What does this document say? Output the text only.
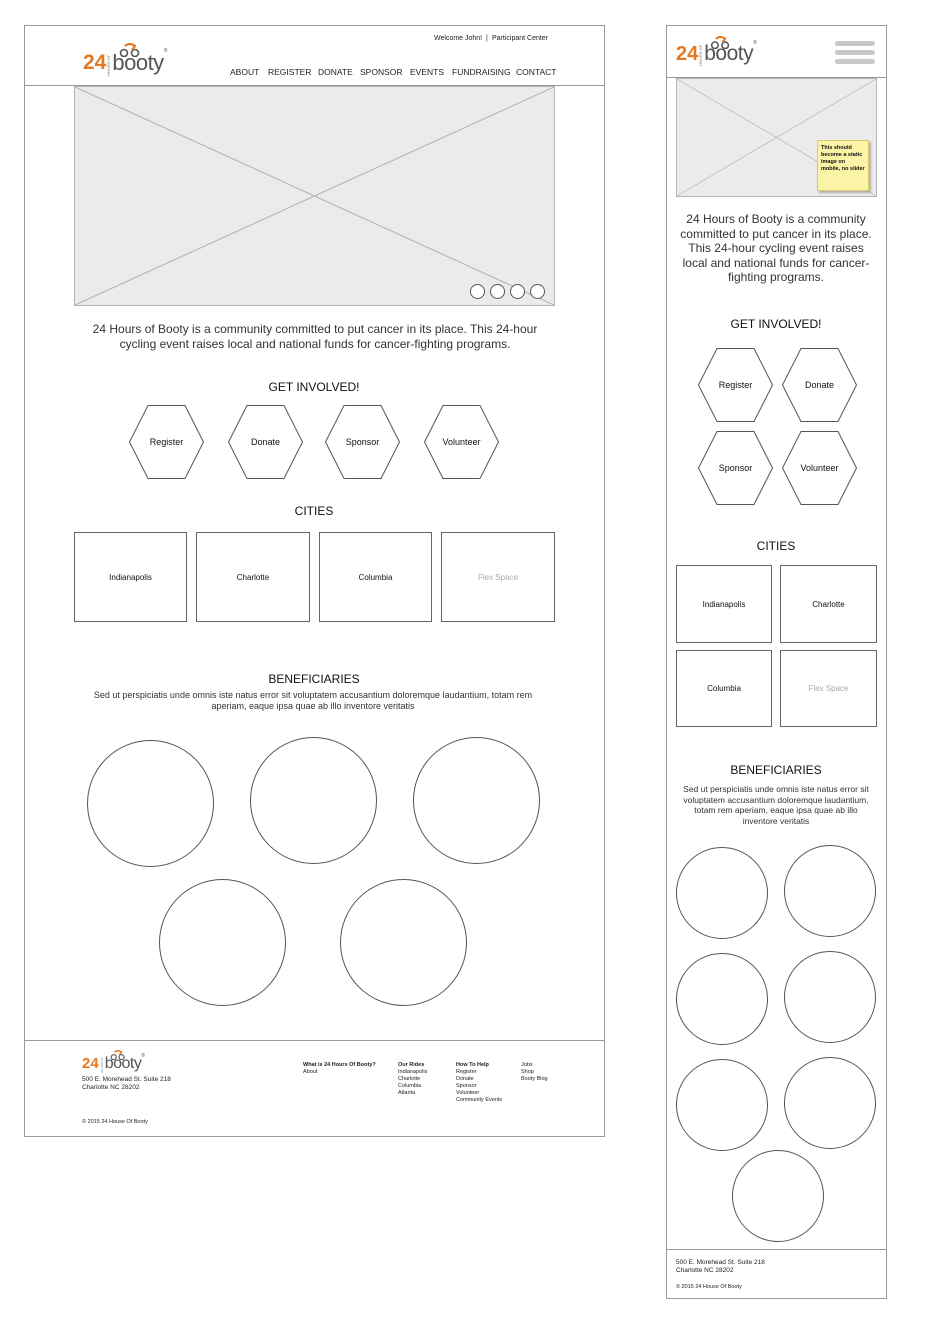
Welcome John! | Participant Center
24 HOURS OF booty ®
ABOUT REGISTER DONATE SPONSOR EVENTS FUNDRAISING CONTACT
24 Hours of Booty is a community committed to put cancer in its place. This 24-hour cycling event raises local and national funds for cancer-fighting programs.
GET INVOLVED!
Register	Donate	Sponsor	Volunteer
CITIES
Indianapolis	Charlotte	Columbia	Flex Space
BENEFICIARIES
Sed ut perspiciatis unde omnis iste natus error sit voluptatem accusantium doloremque laudantium, totam rem aperiam, eaque ipsa quae ab illo inventore veritatis
24 HOURS OF booty ®
500 E. Morehead St. Suite 218
Charlotte NC 28202
© 2015 24 House Of Booty
What is 24 Hours Of Booty?
About
Our Rides
Indianapolis
Charlotte
Columbia
Atlanta
How To Help
Register
Donate
Sponsor
Volunteer
Community Events
Jobs
Shop
Booty Blog
24 HOURS OF booty ®
This should become a static image on mobile, no slider
24 Hours of Booty is a community committed to put cancer in its place. This 24-hour cycling event raises local and national funds for cancer-fighting programs.
GET INVOLVED!
Register	Donate
Sponsor	Volunteer
CITIES
Indianapolis	Charlotte
Columbia	Flex Space
BENEFICIARIES
Sed ut perspiciatis unde omnis iste natus error sit voluptatem accusantium doloremque laudantium, totam rem aperiam, eaque ipsa quae ab illo inventore veritatis
500 E. Morehead St. Suite 218
Charlotte NC 28202
© 2015 24 House Of Booty
